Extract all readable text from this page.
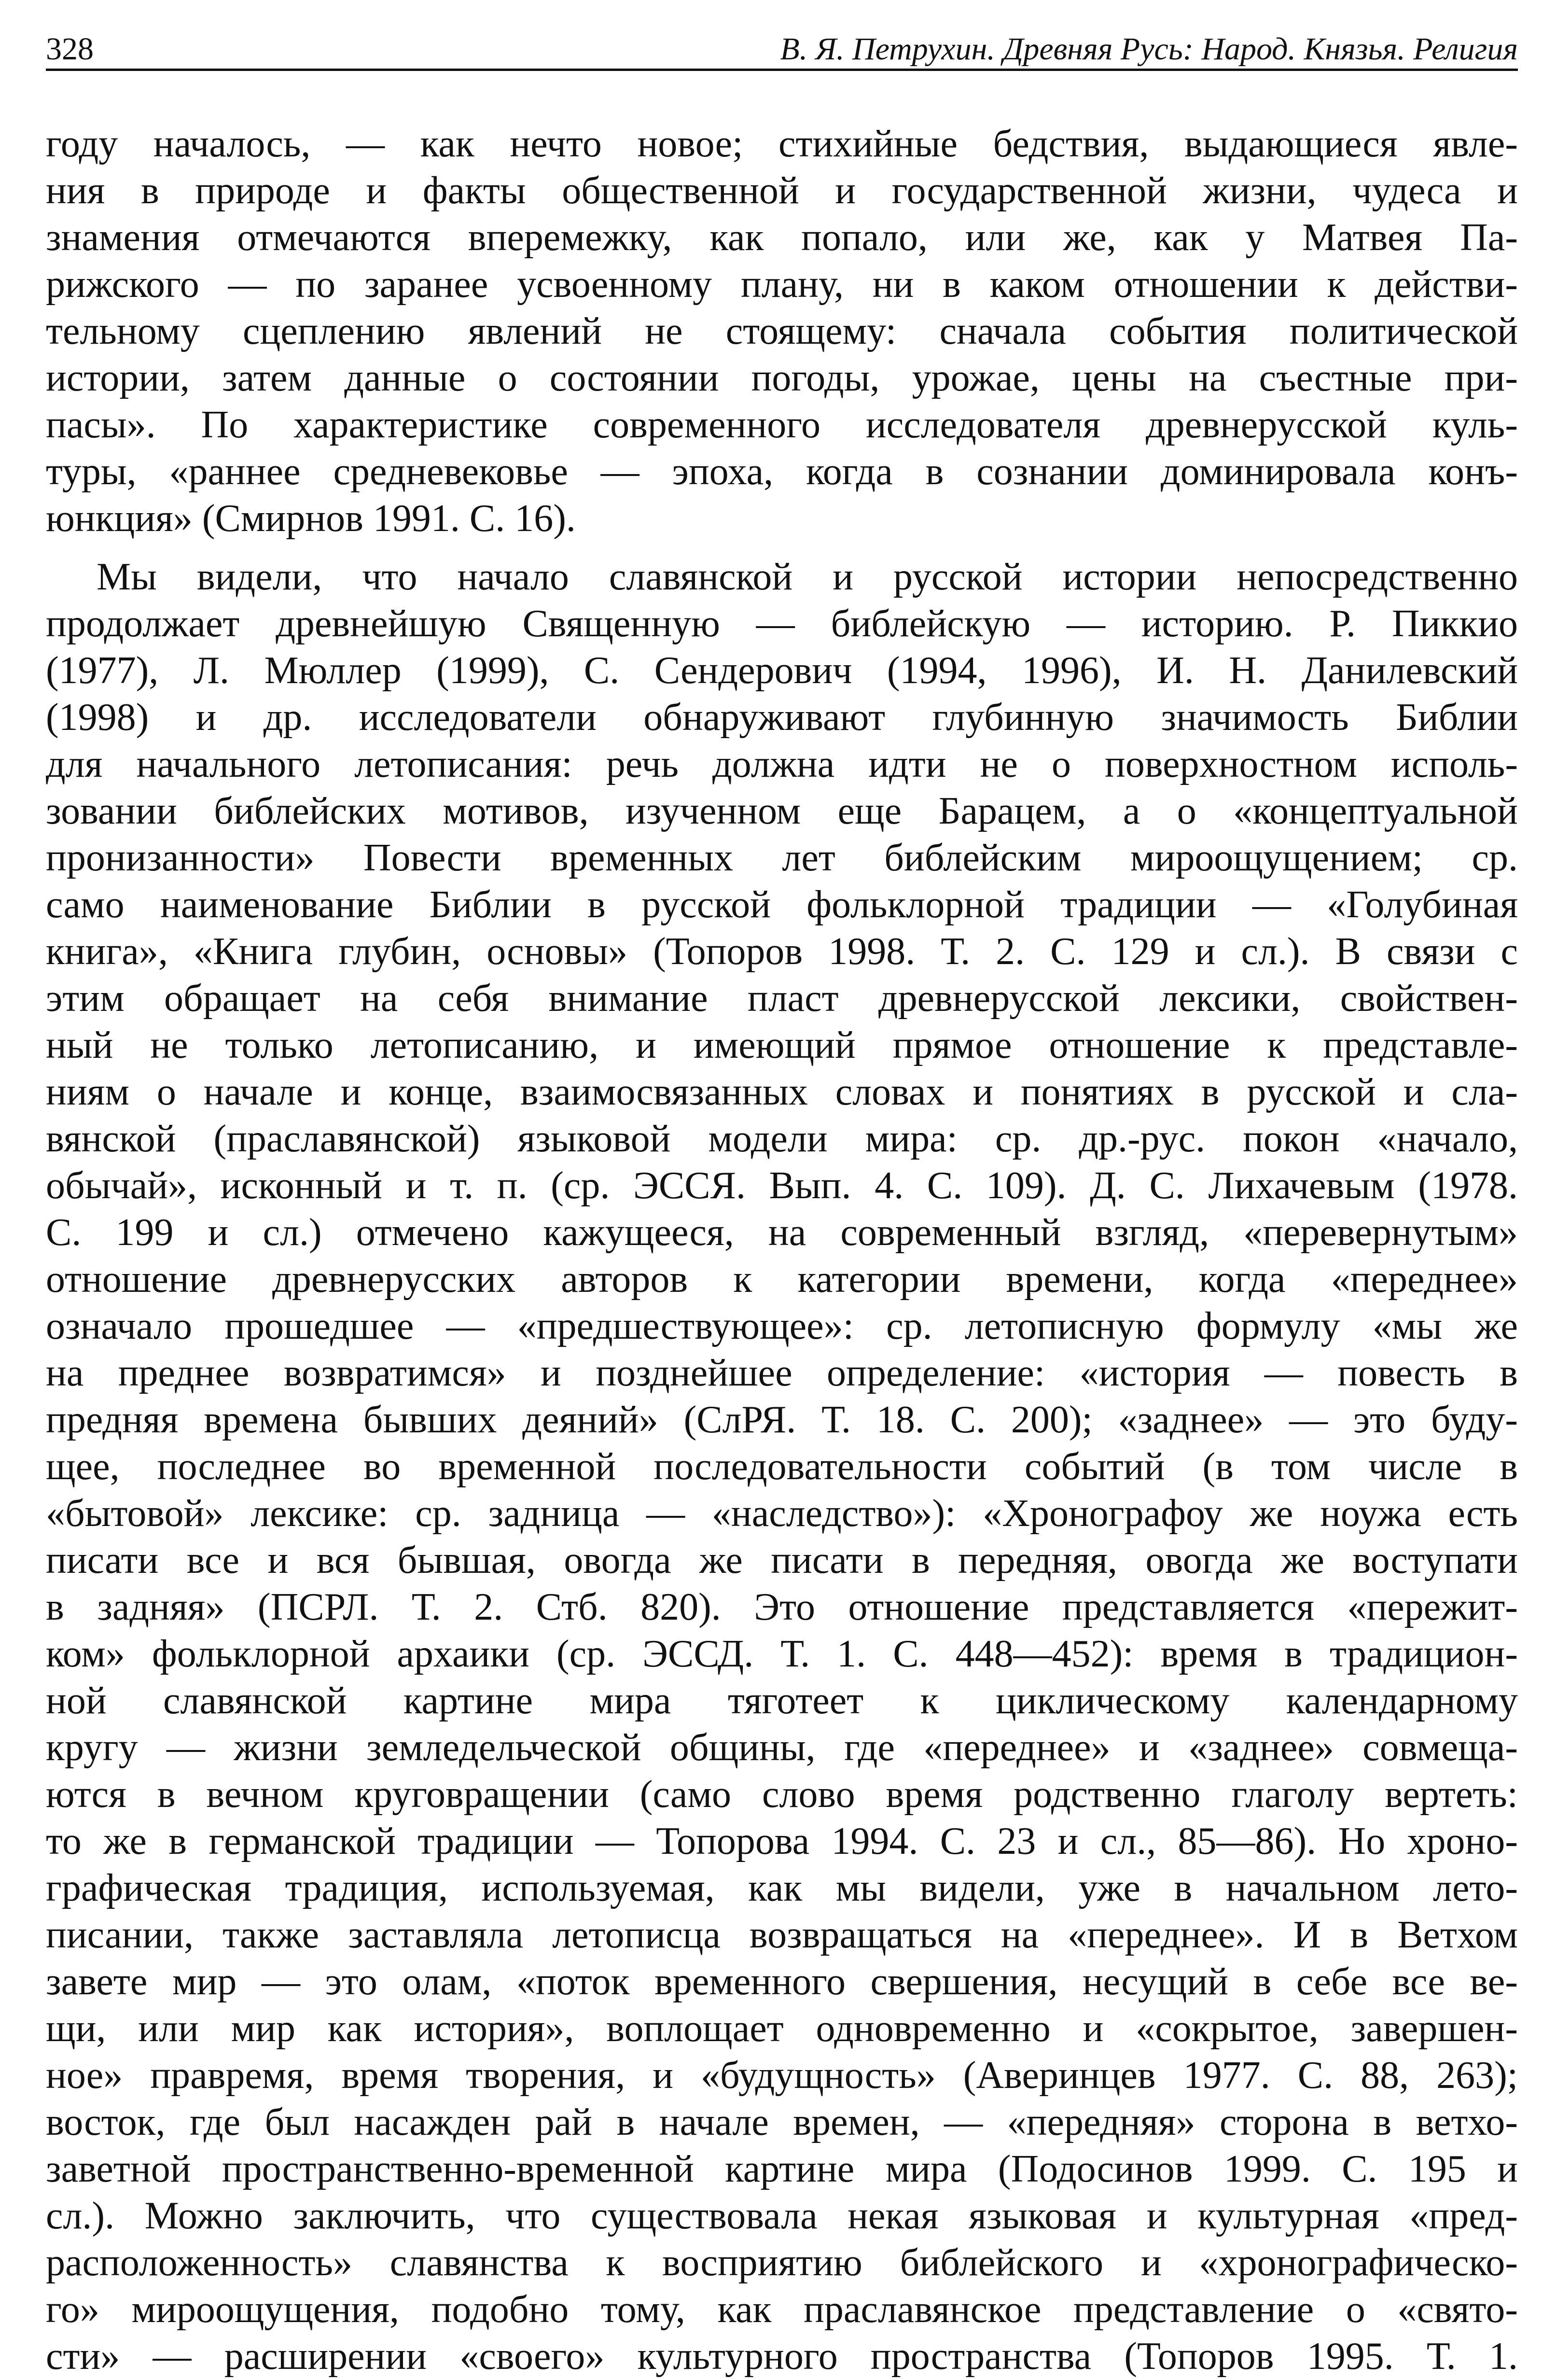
328	В. Я. Петрухин. Древняя Русь: Народ. Князья. Религия
году началось, — как нечто новое; стихийные бедствия, выдающиеся явле-
ния в природе и факты общественной и государственной жизни, чудеса и
знамения отмечаются вперемежку, как попало, или же, как у Матвея Па-
рижского — по заранее усвоенному плану, ни в каком отношении к действи-
тельному сцеплению явлений не стоящему: сначала события политической
истории, затем данные о состоянии погоды, урожае, цены на съестные при-
пасы». По характеристике современного исследователя древнерусской куль-
туры, «раннее средневековье — эпоха, когда в сознании доминировала конъ-
юнкция» (Смирнов 1991. С. 16).
Мы видели, что начало славянской и русской истории непосредственно
продолжает древнейшую Священную — библейскую — историю. Р. Пиккио
(1977), Л. Мюллер (1999), С. Сендерович (1994, 1996), И. Н. Данилевский
(1998) и др. исследователи обнаруживают глубинную значимость Библии
для начального летописания: речь должна идти не о поверхностном исполь-
зовании библейских мотивов, изученном еще Барацем, а о «концептуальной
пронизанности» Повести временных лет библейским мироощущением; ср.
само наименование Библии в русской фольклорной традиции — «Голубиная
книга», «Книга глубин, основы» (Топоров 1998. Т. 2. С. 129 и сл.). В связи с
этим обращает на себя внимание пласт древнерусской лексики, свойствен-
ный не только летописанию, и имеющий прямое отношение к представле-
ниям о начале и конце, взаимосвязанных словах и понятиях в русской и сла-
вянской (праславянской) языковой модели мира: ср. др.-рус. покон «начало,
обычай», исконный и т. п. (ср. ЭССЯ. Вып. 4. С. 109). Д. С. Лихачевым (1978.
С. 199 и сл.) отмечено кажущееся, на современный взгляд, «перевернутым»
отношение древнерусских авторов к категории времени, когда «переднее»
означало прошедшее — «предшествующее»: ср. летописную формулу «мы же
на преднее возвратимся» и позднейшее определение: «история — повесть в
предняя времена бывших деяний» (СлРЯ. Т. 18. С. 200); «заднее» — это буду-
щее, последнее во временной последовательности событий (в том числе в
«бытовой» лексике: ср. задница — «наследство»): «Хронографоу же ноужа есть
писати все и вся бывшая, овогда же писати в передняя, овогда же воступати
в задняя» (ПСРЛ. Т. 2. Стб. 820). Это отношение представляется «пережит-
ком» фольклорной архаики (ср. ЭССД. Т. 1. С. 448—452): время в традицион-
ной славянской картине мира тяготеет к циклическому календарному
кругу — жизни земледельческой общины, где «переднее» и «заднее» совмеща-
ются в вечном круговращении (само слово время родственно глаголу вертеть:
то же в германской традиции — Топорова 1994. С. 23 и сл., 85—86). Но хроно-
графическая традиция, используемая, как мы видели, уже в начальном лето-
писании, также заставляла летописца возвращаться на «переднее». И в Ветхом
завете мир — это олам, «поток временного свершения, несущий в себе все ве-
щи, или мир как история», воплощает одновременно и «сокрытое, завершен-
ное» правремя, время творения, и «будущность» (Аверинцев 1977. С. 88, 263);
восток, где был насажден рай в начале времен, — «передняя» сторона в ветхо-
заветной пространственно-временной картине мира (Подосинов 1999. С. 195 и
сл.). Можно заключить, что существовала некая языковая и культурная «пред-
расположенность» славянства к восприятию библейского и «хронографическо-
го» мироощущения, подобно тому, как праславянское представление о «свято-
сти» — расширении «своего» культурного пространства (Топоров 1995. Т. 1.
